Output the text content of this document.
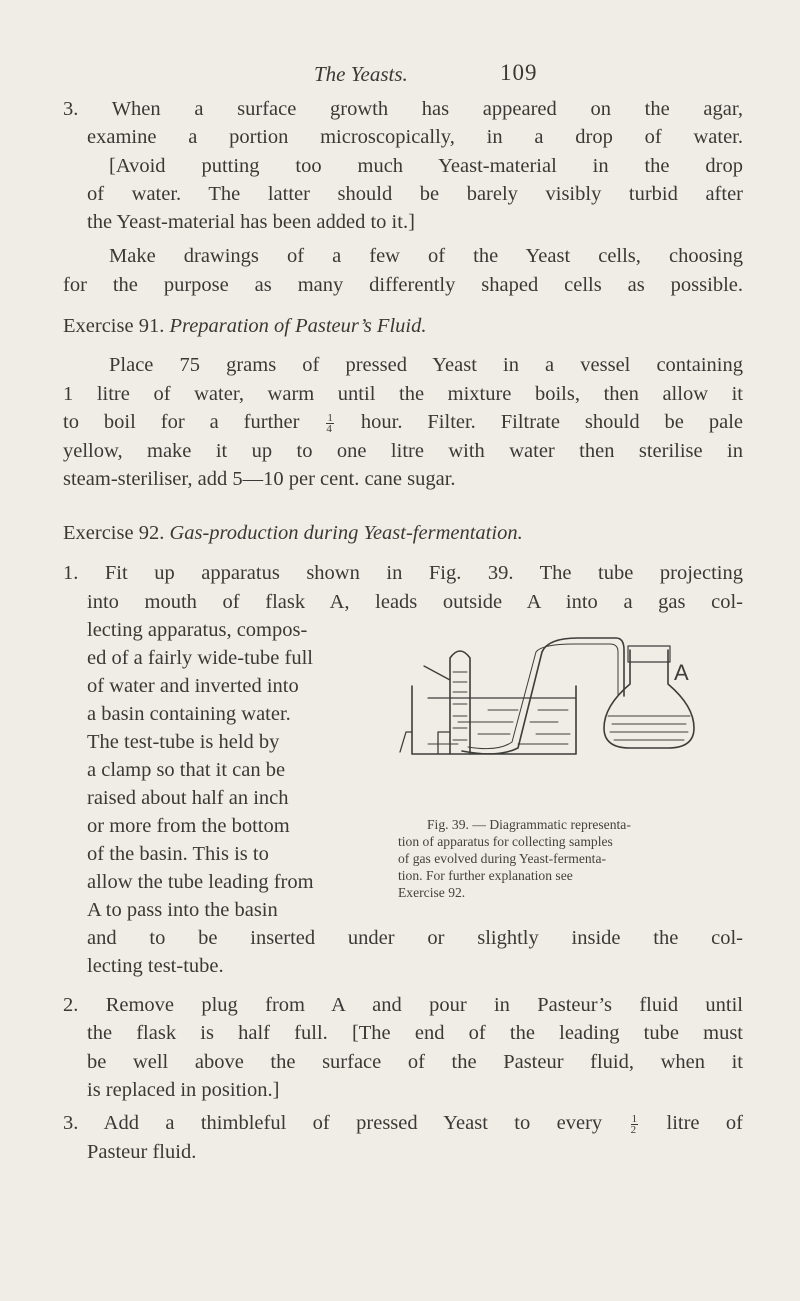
The Yeasts.	109
3. When a surface growth has appeared on the agar,
examine a portion microscopically, in a drop of water.
[Avoid putting too much Yeast-material in the drop
of water. The latter should be barely visibly turbid after
the Yeast-material has been added to it.]
Make drawings of a few of the Yeast cells, choosing
for the purpose as many differently shaped cells as possible.
Exercise 91. Preparation of Pasteur’s Fluid.
Place 75 grams of pressed Yeast in a vessel containing
1 litre of water, warm until the mixture boils, then allow it
to boil for a further $\frac{1}{4}$ hour. Filter. Filtrate should be pale
yellow, make it up to one litre with water then sterilise in
steam-steriliser, add 5—10 per cent. cane sugar.
Exercise 92. Gas-production during Yeast-fermentation.
1. Fit up apparatus shown in Fig. 39. The tube projecting
into mouth of flask A, leads outside A into a gas col-
lecting apparatus, compos-
ed of a fairly wide-tube full
of water and inverted into
a basin containing water.
The test-tube is held by
a clamp so that it can be
raised about half an inch
or more from the bottom
of the basin. This is to
allow the tube leading from
A to pass into the basin
and to be inserted under or slightly inside the col-
lecting test-tube.
2. Remove plug from A and pour in Pasteur’s fluid until
the flask is half full. [The end of the leading tube must
be well above the surface of the Pasteur fluid, when it
is replaced in position.]
3. Add a thimbleful of pressed Yeast to every	$\frac{1}{2}$ litre of
Pasteur fluid.
A
Fig. 39. — Diagrammatic representa-
tion of apparatus for collecting samples
of gas evolved during Yeast-fermenta-
tion. For further explanation see
Exercise 92.
